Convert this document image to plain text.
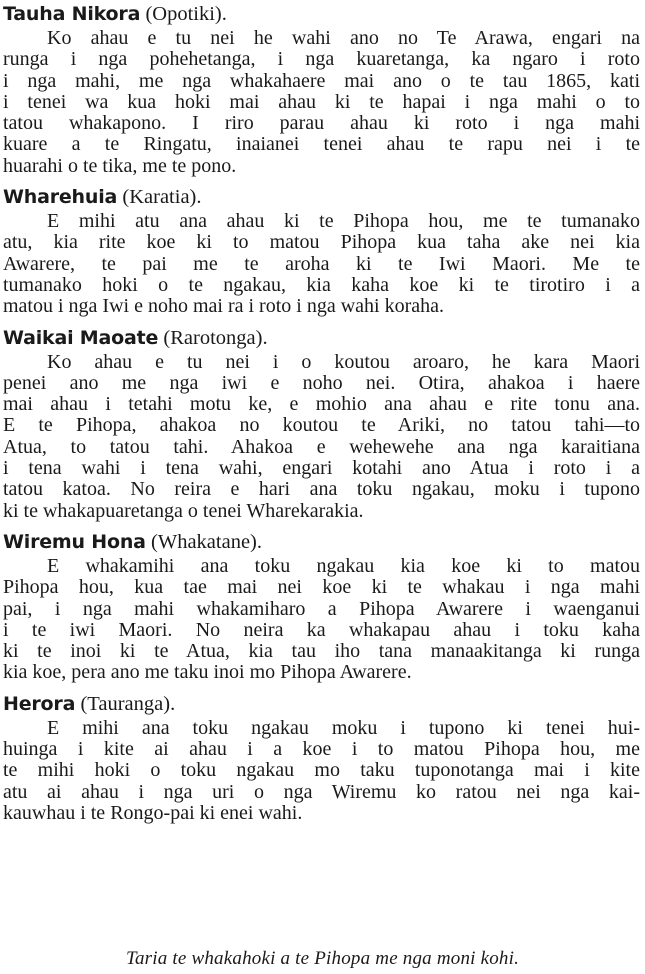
Tauha Nikora (Opotiki).

Ko ahau e tu nei he wahi ano no Te Arawa, engari na

runga i nga pohehetanga, i nga kuaretanga, ka ngaro i roto

i nga mahi, me nga whakahaere mai ano o te tau 1865, kati

i tenei wa kua hoki mai ahau ki te hapai i nga mahi o to

tatou whakapono. I riro parau ahau ki roto i nga mahi

kuare a te Ringatu, inaianei tenei ahau te rapu nei i te

huarahi o te tika, me te pono.

Wharehuia (Karatia).

E mihi atu ana ahau ki te Pihopa hou, me te tumanako

atu, kia rite koe ki to matou Pihopa kua taha ake nei kia

Awarere, te pai me te aroha ki te Iwi Maori. Me te

tumanako hoki o te ngakau, kia kaha koe ki te tirotiro i a

matou i nga Iwi e noho mai ra i roto i nga wahi koraha.

Waikai Maoate (Rarotonga).

Ko ahau e tu nei i o koutou aroaro, he kara Maori

penei ano me nga iwi e noho nei. Otira, ahakoa i haere

mai ahau i tetahi motu ke, e mohio ana ahau e rite tonu ana.

E te Pihopa, ahakoa no koutou te Ariki, no tatou tahi—to

Atua, to tatou tahi. Ahakoa e wehewehe ana nga karaitiana

i tena wahi i tena wahi, engari kotahi ano Atua i roto i a

tatou katoa. No reira e hari ana toku ngakau, moku i tupono

ki te whakapuaretanga o tenei Wharekarakia.

Wiremu Hona (Whakatane).

E whakamihi ana toku ngakau kia koe ki to matou

Pihopa hou, kua tae mai nei koe ki te whakau i nga mahi

pai, i nga mahi whakamiharo a Pihopa Awarere i waenganui

i te iwi Maori. No neira ka whakapau ahau i toku kaha

ki te inoi ki te Atua, kia tau iho tana manaakitanga ki runga

kia koe, pera ano me taku inoi mo Pihopa Awarere.

Herora (Tauranga).

E mihi ana toku ngakau moku i tupono ki tenei hui-

huinga i kite ai ahau i a koe i to matou Pihopa hou, me

te mihi hoki o toku ngakau mo taku tuponotanga mai i kite

atu ai ahau i nga uri o nga Wiremu ko ratou nei nga kai-

kauwhau i te Rongo-pai ki enei wahi.

Taria te whakahoki a te Pihopa me nga moni kohi.
